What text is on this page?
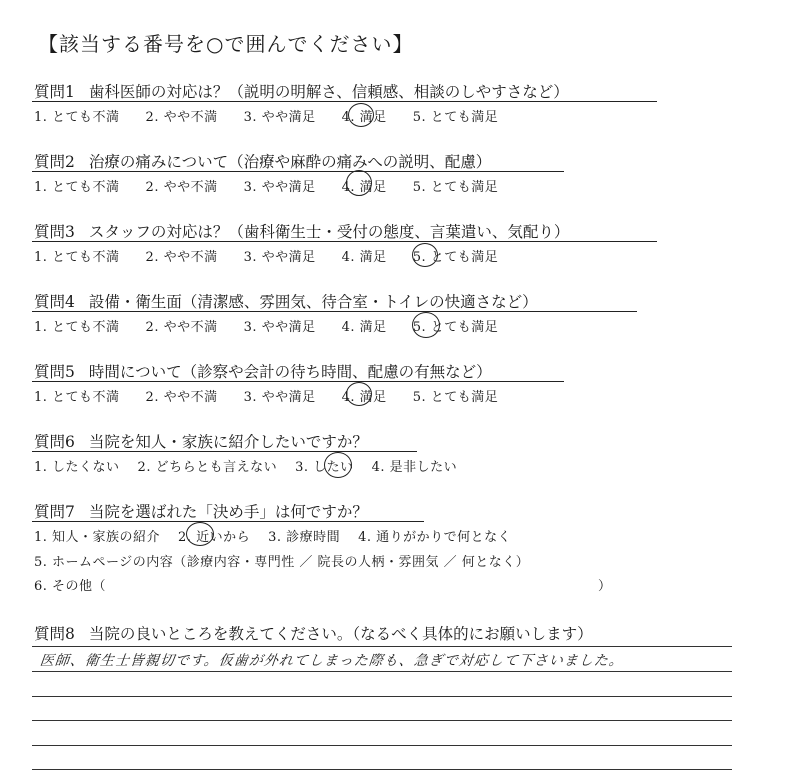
【該当する番号を○で囲んでください】
質問1 歯科医師の対応は？（説明の明解さ、信頼感、相談のしやすさなど）
1. とても不満 2. やや不満 3. やや満足 4. 満足 5. とても満足
質問2 治療の痛みについて（治療や麻酔の痛みへの説明、配慮）
1. とても不満 2. やや不満 3. やや満足 4. 満足 5. とても満足
質問3 スタッフの対応は？（歯科衛生士・受付の態度、言葉遣い、気配り）
1. とても不満 2. やや不満 3. やや満足 4. 満足 5. とても満足
質問4 設備・衛生面（清潔感、雰囲気、待合室・トイレの快適さなど）
1. とても不満 2. やや不満 3. やや満足 4. 満足 5. とても満足
質問5 時間について（診察や会計の待ち時間、配慮の有無など）
1. とても不満 2. やや不満 3. やや満足 4. 満足 5. とても満足
質問6 当院を知人・家族に紹介したいですか？
1. したくない 2. どちらとも言えない 3. したい 4. 是非したい
質問7 当院を選ばれた「決め手」は何ですか？
1. 知人・家族の紹介 2. 近いから 3. 診療時間 4. 通りがかりで何となく
5. ホームページの内容（診療内容・専門性 ／ 院長の人柄・雰囲気 ／ 何となく）
6. その他（	）
質問8 当院の良いところを教えてください。（なるべく具体的にお願いします）
医師、衛生士皆親切です。仮歯が外れてしまった際も、急ぎで対応して下さいました。
